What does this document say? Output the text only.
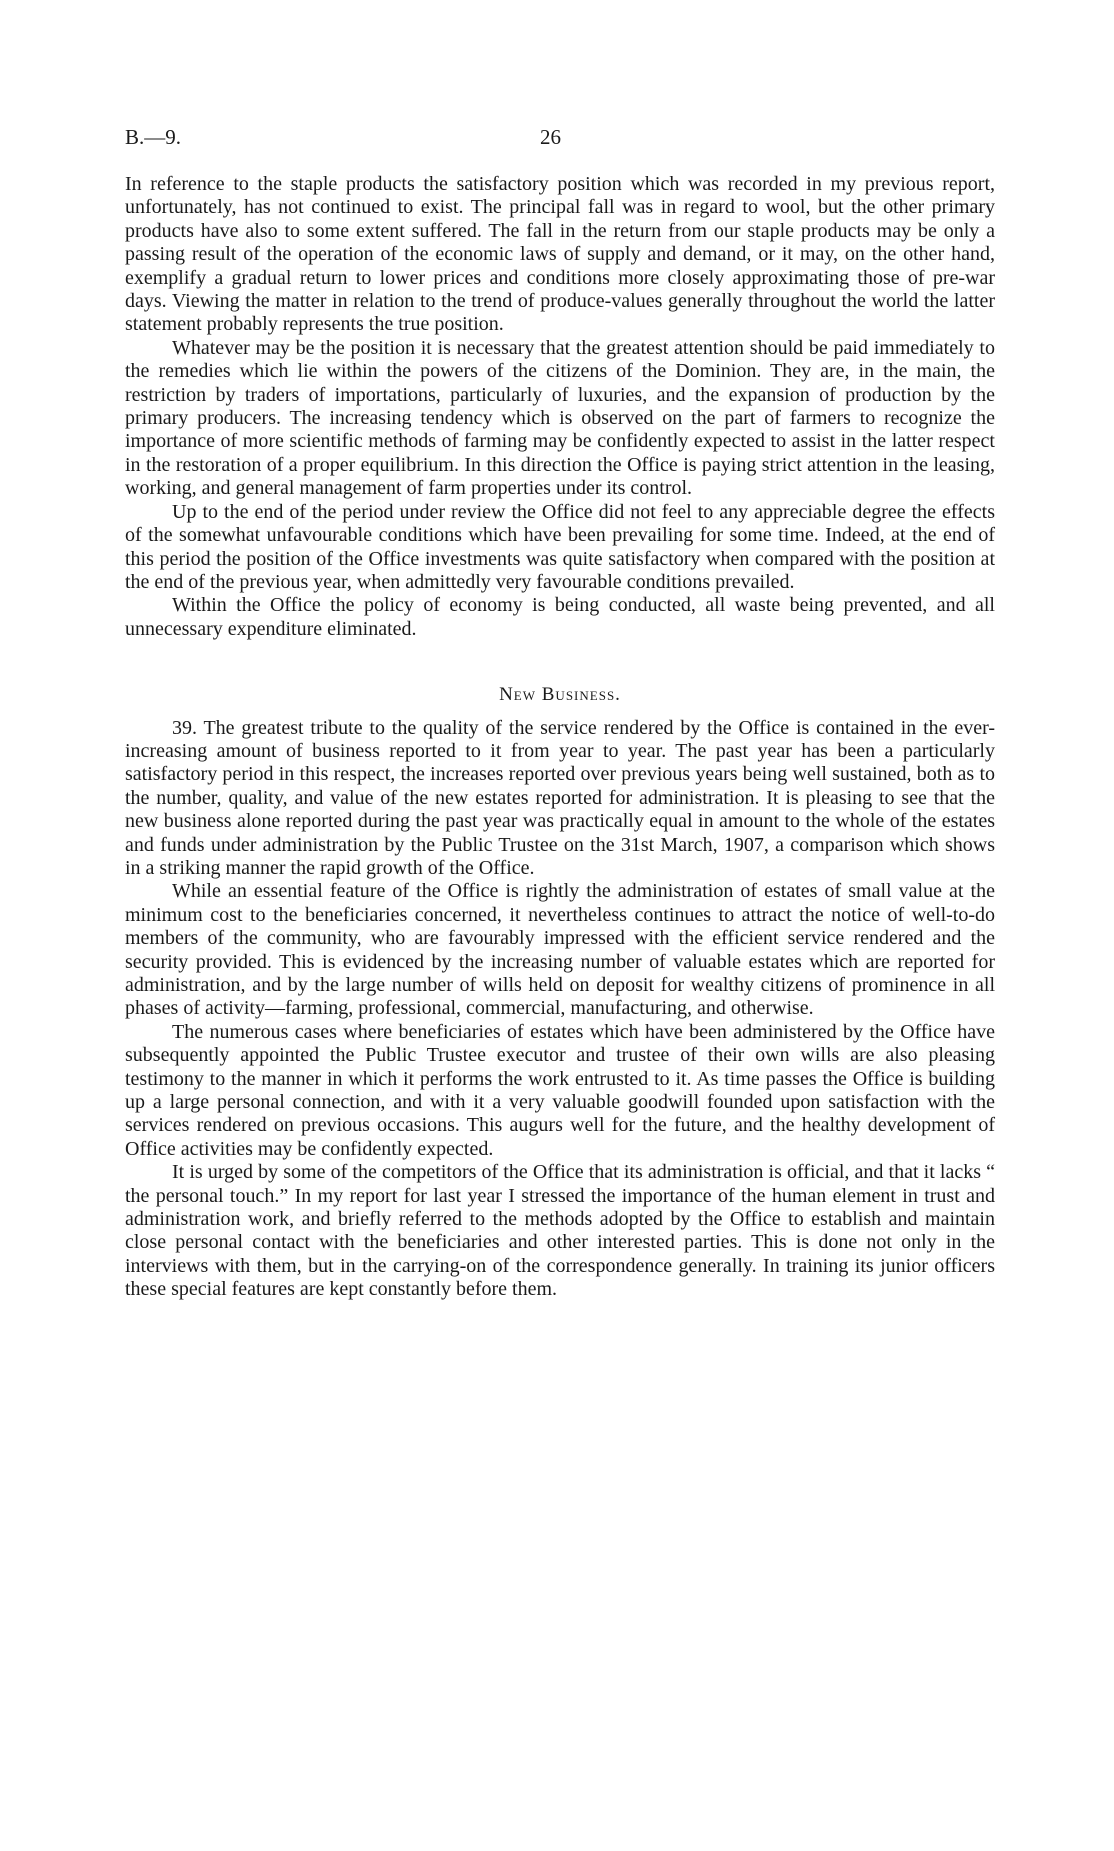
B.—9.	26

In reference to the staple products the satisfactory position which was recorded in my previous report, unfortunately, has not continued to exist. The principal fall was in regard to wool, but the other primary products have also to some extent suffered. The fall in the return from our staple products may be only a passing result of the operation of the economic laws of supply and demand, or it may, on the other hand, exemplify a gradual return to lower prices and conditions more closely approximating those of pre-war days. Viewing the matter in relation to the trend of produce-values generally throughout the world the latter statement probably represents the true position.

Whatever may be the position it is necessary that the greatest attention should be paid immediately to the remedies which lie within the powers of the citizens of the Dominion. They are, in the main, the restriction by traders of importations, particularly of luxuries, and the expansion of production by the primary producers. The increasing tendency which is observed on the part of farmers to recognize the importance of more scientific methods of farming may be confidently expected to assist in the latter respect in the restoration of a proper equilibrium. In this direction the Office is paying strict attention in the leasing, working, and general management of farm properties under its control.

Up to the end of the period under review the Office did not feel to any appreciable degree the effects of the somewhat unfavourable conditions which have been prevailing for some time. Indeed, at the end of this period the position of the Office investments was quite satisfactory when compared with the position at the end of the previous year, when admittedly very favourable conditions prevailed.

Within the Office the policy of economy is being conducted, all waste being prevented, and all unnecessary expenditure eliminated.

New Business.

39. The greatest tribute to the quality of the service rendered by the Office is contained in the ever-increasing amount of business reported to it from year to year. The past year has been a particularly satisfactory period in this respect, the increases reported over previous years being well sustained, both as to the number, quality, and value of the new estates reported for administration. It is pleasing to see that the new business alone reported during the past year was practically equal in amount to the whole of the estates and funds under administration by the Public Trustee on the 31st March, 1907, a comparison which shows in a striking manner the rapid growth of the Office.

While an essential feature of the Office is rightly the administration of estates of small value at the minimum cost to the beneficiaries concerned, it nevertheless continues to attract the notice of well-to-do members of the community, who are favourably impressed with the efficient service rendered and the security provided. This is evidenced by the increasing number of valuable estates which are reported for administration, and by the large number of wills held on deposit for wealthy citizens of prominence in all phases of activity—farming, professional, commercial, manufacturing, and otherwise.

The numerous cases where beneficiaries of estates which have been administered by the Office have subsequently appointed the Public Trustee executor and trustee of their own wills are also pleasing testimony to the manner in which it performs the work entrusted to it. As time passes the Office is building up a large personal connection, and with it a very valuable goodwill founded upon satisfaction with the services rendered on previous occasions. This augurs well for the future, and the healthy development of Office activities may be confidently expected.

It is urged by some of the competitors of the Office that its administration is official, and that it lacks “ the personal touch.” In my report for last year I stressed the importance of the human element in trust and administration work, and briefly referred to the methods adopted by the Office to establish and maintain close personal contact with the beneficiaries and other interested parties. This is done not only in the interviews with them, but in the carrying-on of the correspondence generally. In training its junior officers these special features are kept constantly before them.
